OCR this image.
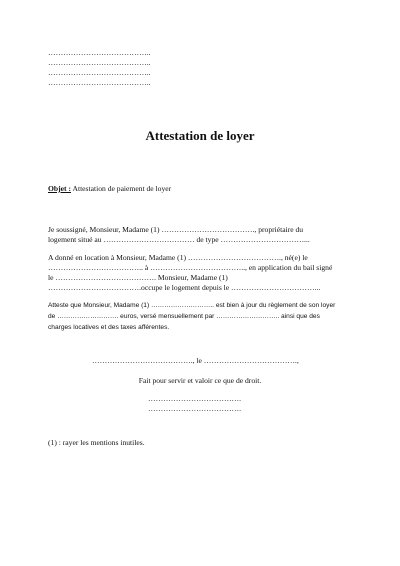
…………………………………..
…………………………………..
…………………………………..
…………………………………..
Attestation de loyer
Objet : Attestation de paiement de loyer
Je soussigné, Monsieur, Madame (1) ………………………………., propriétaire du
logement situé au ……………………………… de type ……………………………...
A donné en location à Monsieur, Madame (1) ………………………………., né(e) le
……………………………….. à ……………………………….., en application du bail signé
le …………………………………. Monsieur, Madame (1)
……………………………….occupe le logement depuis le ……………………………...
Atteste que Monsieur, Madame (1) ……………………….. est bien à jour du règlement de son loyer
de ………………………. euros, versé mensuellement par ……………………….. ainsi que des
charges locatives et des taxes afférentes.
…………………………………., le ……………………………….,
Fait pour servir et valoir ce que de droit.
……………………………….
……………………………….
(1) : rayer les mentions inutiles.
